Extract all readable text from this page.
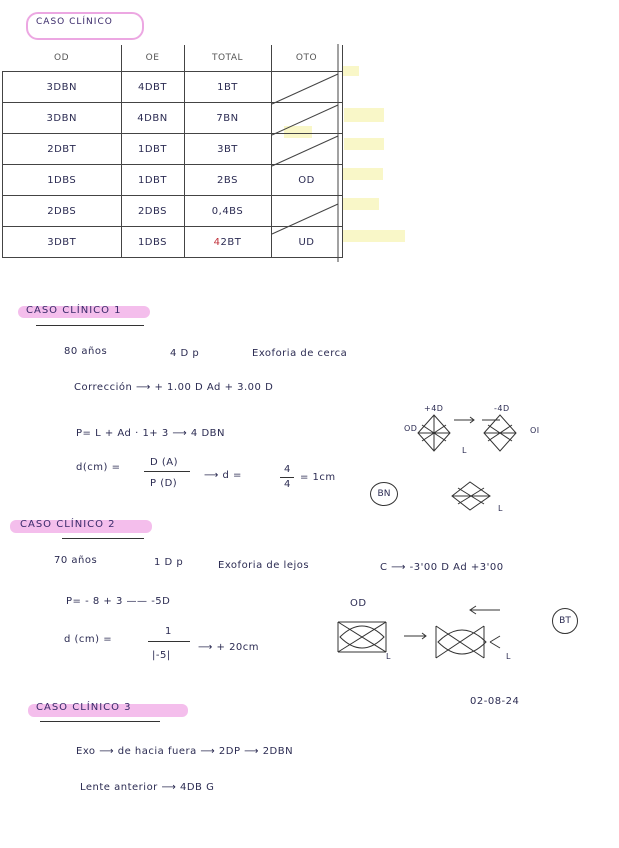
CASO CLÍNICO
OD	OE	TOTAL	OTO
3DBN	4DBT	1BT	
3DBN	4DBN	7BN	
2DBT	1DBT	3BT	
1DBS	1DBT	2BS	OD
2DBS	2DBS	0,4BS	
3DBT	1DBS	42BT	UD
CASO CLÍNICO 1
80 años	4 D p	Exoforia de cerca
Corrección ⟶ + 1.00 D Ad + 3.00 D
P= L + Ad · 1+ 3 ⟶ 4 DBN
d(cm) =	D (A)
P (D)
⟶ d =
4
4
= 1cm
BN
+4D	-4D
OD	OI
L
L
CASO CLÍNICO 2
70 años	1 D p	Exoforia de lejos	C ⟶ -3'00 D Ad +3'00
P= - 8 + 3 —— -5D
d (cm) =
1
|-5|
⟶ + 20cm
OD
BT
L	L
CASO CLÍNICO 3
02-08-24
Exo ⟶ de hacia fuera ⟶ 2DP ⟶ 2DBN
Lente anterior ⟶ 4DB G
